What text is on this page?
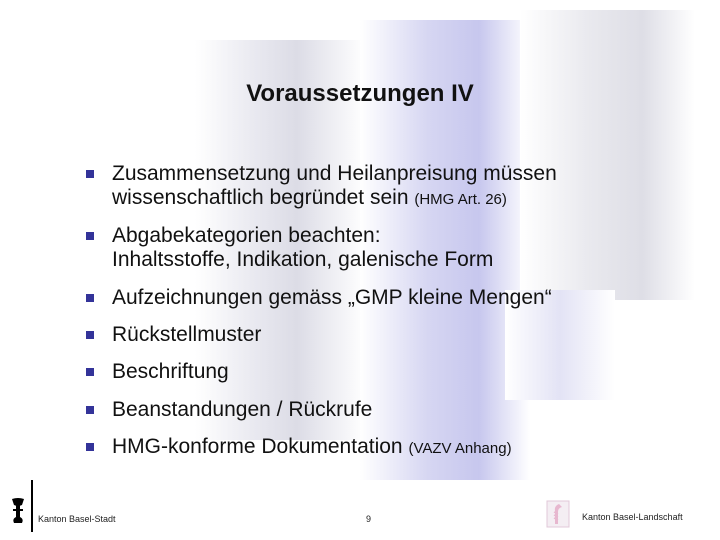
Voraussetzungen IV
Zusammensetzung und Heilanpreisung müssen
wissenschaftlich begründet sein (HMG Art. 26)
Abgabekategorien beachten:
Inhaltsstoffe, Indikation, galenische Form
Aufzeichnungen gemäss „GMP kleine Mengen“
Rückstellmuster
Beschriftung
Beanstandungen / Rückrufe
HMG-konforme Dokumentation (VAZV Anhang)
Kanton Basel-Stadt	9	Kanton Basel-Landschaft
